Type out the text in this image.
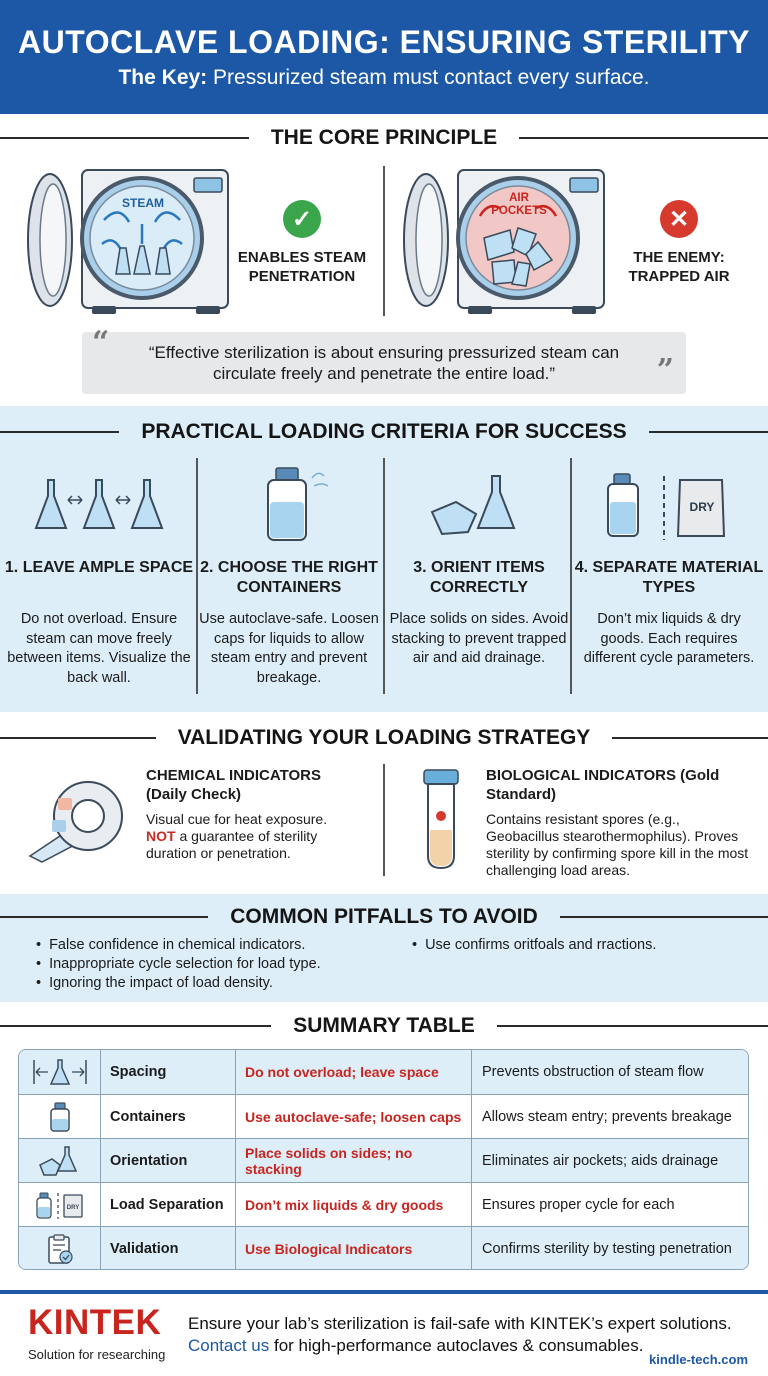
AUTOCLAVE LOADING: ENSURING STERILITY
The Key: Pressurized steam must contact every surface.
THE CORE PRINCIPLE
STEAM
✓
ENABLES STEAM PENETRATION
AIR POCKETS	✕
THE ENEMY: TRAPPED AIR
“	“Effective sterilization is about ensuring pressurized steam can circulate freely and penetrate the entire load.”	”
PRACTICAL LOADING CRITERIA FOR SUCCESS
1. LEAVE AMPLE SPACE

Do not overload. Ensure steam can move freely between items. Visualize the back wall.

2. CHOOSE THE RIGHT CONTAINERS

Use autoclave-safe. Loosen caps for liquids to allow steam entry and prevent breakage.

3. ORIENT ITEMS CORRECTLY

Place solids on sides. Avoid stacking to prevent trapped air and aid drainage.

DRY
4. SEPARATE MATERIAL TYPES

Don’t mix liquids & dry goods. Each requires different cycle parameters.

VALIDATING YOUR LOADING STRATEGY
CHEMICAL INDICATORS (Daily Check)
Visual cue for heat exposure. NOT a guarantee of sterility duration or penetration.
BIOLOGICAL INDICATORS (Gold Standard)
Contains resistant spores (e.g., Geobacillus stearothermophilus). Proves sterility by confirming spore kill in the most challenging load areas.
COMMON PITFALLS TO AVOID
• False confidence in chemical indicators.
• Inappropriate cycle selection for load type.
• Ignoring the impact of load density.
• Use confirms oritfoals and rractions.
SUMMARY TABLE
Spacing	Do not overload; leave space	Prevents obstruction of steam flow
Containers	Use autoclave-safe; loosen caps	Allows steam entry; prevents breakage
Orientation	Place solids on sides; no stacking	Eliminates air pockets; aids drainage
DRY	Load Separation	Don’t mix liquids & dry goods	Ensures proper cycle for each
Validation	Use Biological Indicators	Confirms sterility by testing penetration
KINTEK
Solution for researching
Ensure your lab’s sterilization is fail-safe with KINTEK’s expert solutions.
Contact us for high-performance autoclaves & consumables.
kindle-tech.com
